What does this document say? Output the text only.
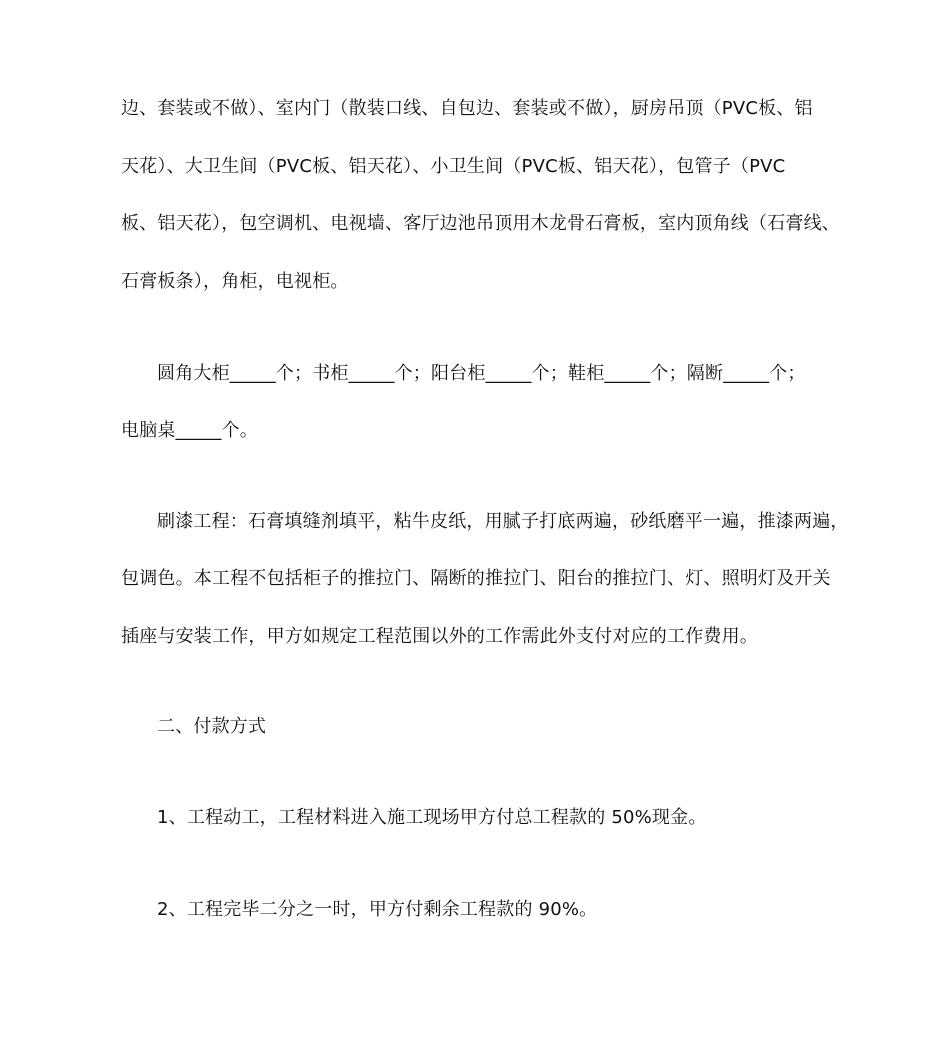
边、套装或不做）、室内门（散装口线、自包边、套装或不做），厨房吊顶（PVC板、铝
天花）、大卫生间（PVC板、铝天花）、小卫生间（PVC板、铝天花），包管子（PVC
板、铝天花），包空调机、电视墙、客厅边池吊顶用木龙骨石膏板，室内顶角线（石膏线、
石膏板条），角柜，电视柜。
圆角大柜_____个；书柜_____个；阳台柜_____个；鞋柜_____个；隔断_____个；
电脑桌_____个。
刷漆工程：石膏填缝剂填平，粘牛皮纸，用腻子打底两遍，砂纸磨平一遍，推漆两遍，
包调色。本工程不包括柜子的推拉门、隔断的推拉门、阳台的推拉门、灯、照明灯及开关
插座与安装工作，甲方如规定工程范围以外的工作需此外支付对应的工作费用。
二、付款方式
1、工程动工，工程材料进入施工现场甲方付总工程款的 50%现金。
2、工程完毕二分之一时，甲方付剩余工程款的 90%。
